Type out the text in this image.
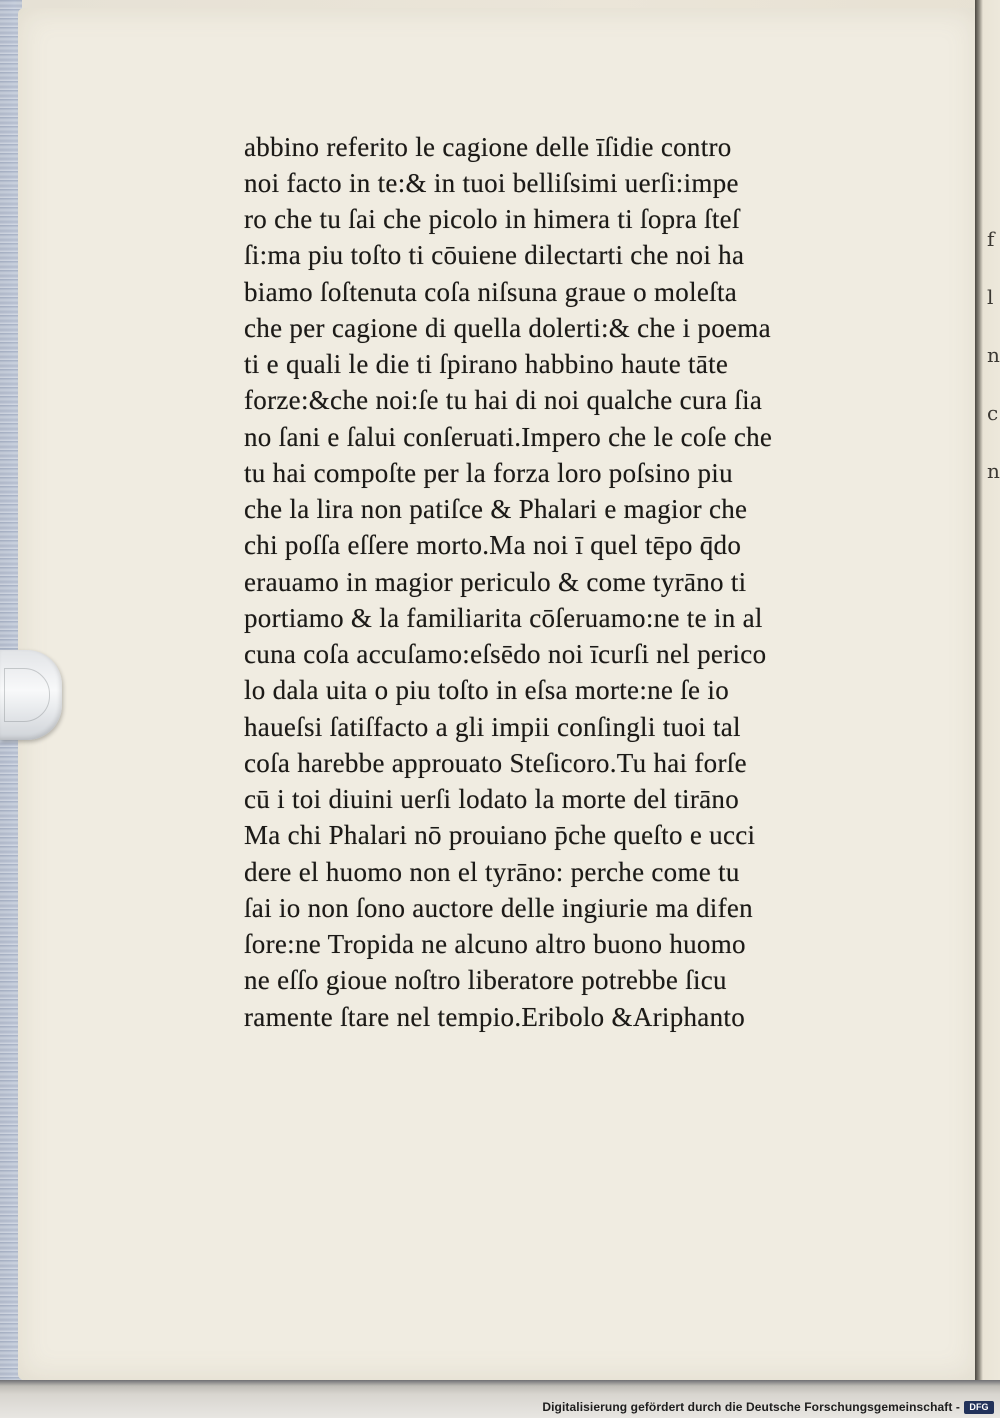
f
l
n
c
n
abbino referito le cagione delle īſidie contro
noi facto in te:& in tuoi belliſsimi uerſi:impe
ro che tu ſai che picolo in himera ti ſopra ſteſ
ſi:ma piu toſto ti cōuiene dilectarti che noi ha
biamo ſoſtenuta coſa niſsuna graue o moleſta
che per cagione di quella dolerti:& che i poema
ti e quali le die ti ſpirano habbino haute tāte
forze:&che noi:ſe tu hai di noi qualche cura ſia
no ſani e ſalui conſeruati.Impero che le coſe che
tu hai compoſte per la forza loro poſsino piu
che la lira non patiſce & Phalari e magior che
chi poſſa eſſere morto.Ma noi ī quel tēpo q̄do
erauamo in magior periculo & come tyrāno ti
portiamo & la familiarita cōſeruamo:ne te in al
cuna coſa accuſamo:eſsēdo noi īcurſi nel perico
lo dala uita o piu toſto in eſsa morte:ne ſe io
haueſsi ſatiſfacto a gli impii conſingli tuoi tal
coſa harebbe approuato Steſicoro.Tu hai forſe
cū i toi diuini uerſi lodato la morte del tirāno
Ma chi Phalari nō prouiano p̄che queſto e ucci
dere el huomo non el tyrāno: perche come tu
ſai io non ſono auctore delle ingiurie ma difen
ſore:ne Tropida ne alcuno altro buono huomo
ne eſſo gioue noſtro liberatore potrebbe ſicu
ramente ſtare nel tempio.Eribolo &Ariphanto
Digitalisierung gefördert durch die Deutsche Forschungsgemeinschaft -	DFG
